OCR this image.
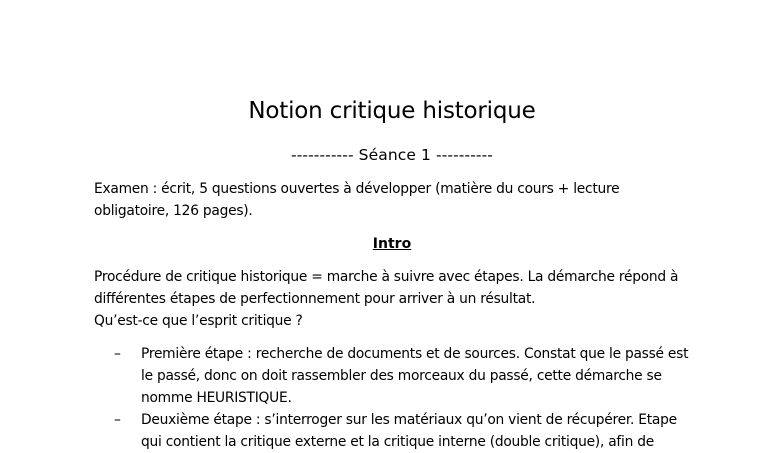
Notion critique historique
----------- Séance 1 ----------
Examen : écrit, 5 questions ouvertes à développer (matière du cours + lecture
obligatoire, 126 pages).
Intro
Procédure de critique historique = marche à suivre avec étapes. La démarche répond à
différentes étapes de perfectionnement pour arriver à un résultat.
Qu’est-ce que l’esprit critique ?
– Première étape : recherche de documents et de sources. Constat que le passé est
le passé, donc on doit rassembler des morceaux du passé, cette démarche se
nomme HEURISTIQUE.
– Deuxième étape : s’interroger sur les matériaux qu’on vient de récupérer. Etape
qui contient la critique externe et la critique interne (double critique), afin de
